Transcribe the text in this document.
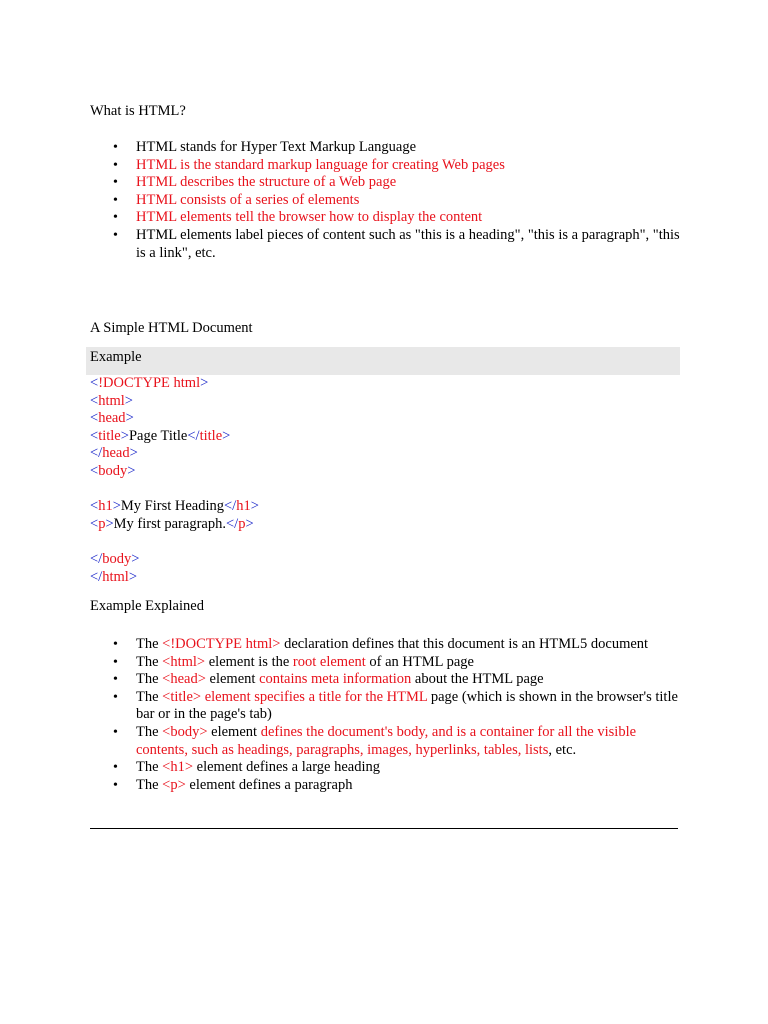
What is HTML?
•	HTML stands for Hyper Text Markup Language
•	HTML is the standard markup language for creating Web pages
•	HTML describes the structure of a Web page
•	HTML consists of a series of elements
•	HTML elements tell the browser how to display the content
•	HTML elements label pieces of content such as "this is a heading", "this is a paragraph", "this is a link", etc.
A Simple HTML Document
Example
<!DOCTYPE html>
<html>
<head>
<title>Page Title</title>
</head>
<body>
<h1>My First Heading</h1>
<p>My first paragraph.</p>
</body>
</html>
Example Explained
•	The <!DOCTYPE html> declaration defines that this document is an HTML5 document
•	The <html> element is the root element of an HTML page
•	The <head> element contains meta information about the HTML page
•	The <title> element specifies a title for the HTML page (which is shown in the browser's title bar or in the page's tab)
•	The <body> element defines the document's body, and is a container for all the visible contents, such as headings, paragraphs, images, hyperlinks, tables, lists, etc.
•	The <h1> element defines a large heading
•	The <p> element defines a paragraph
